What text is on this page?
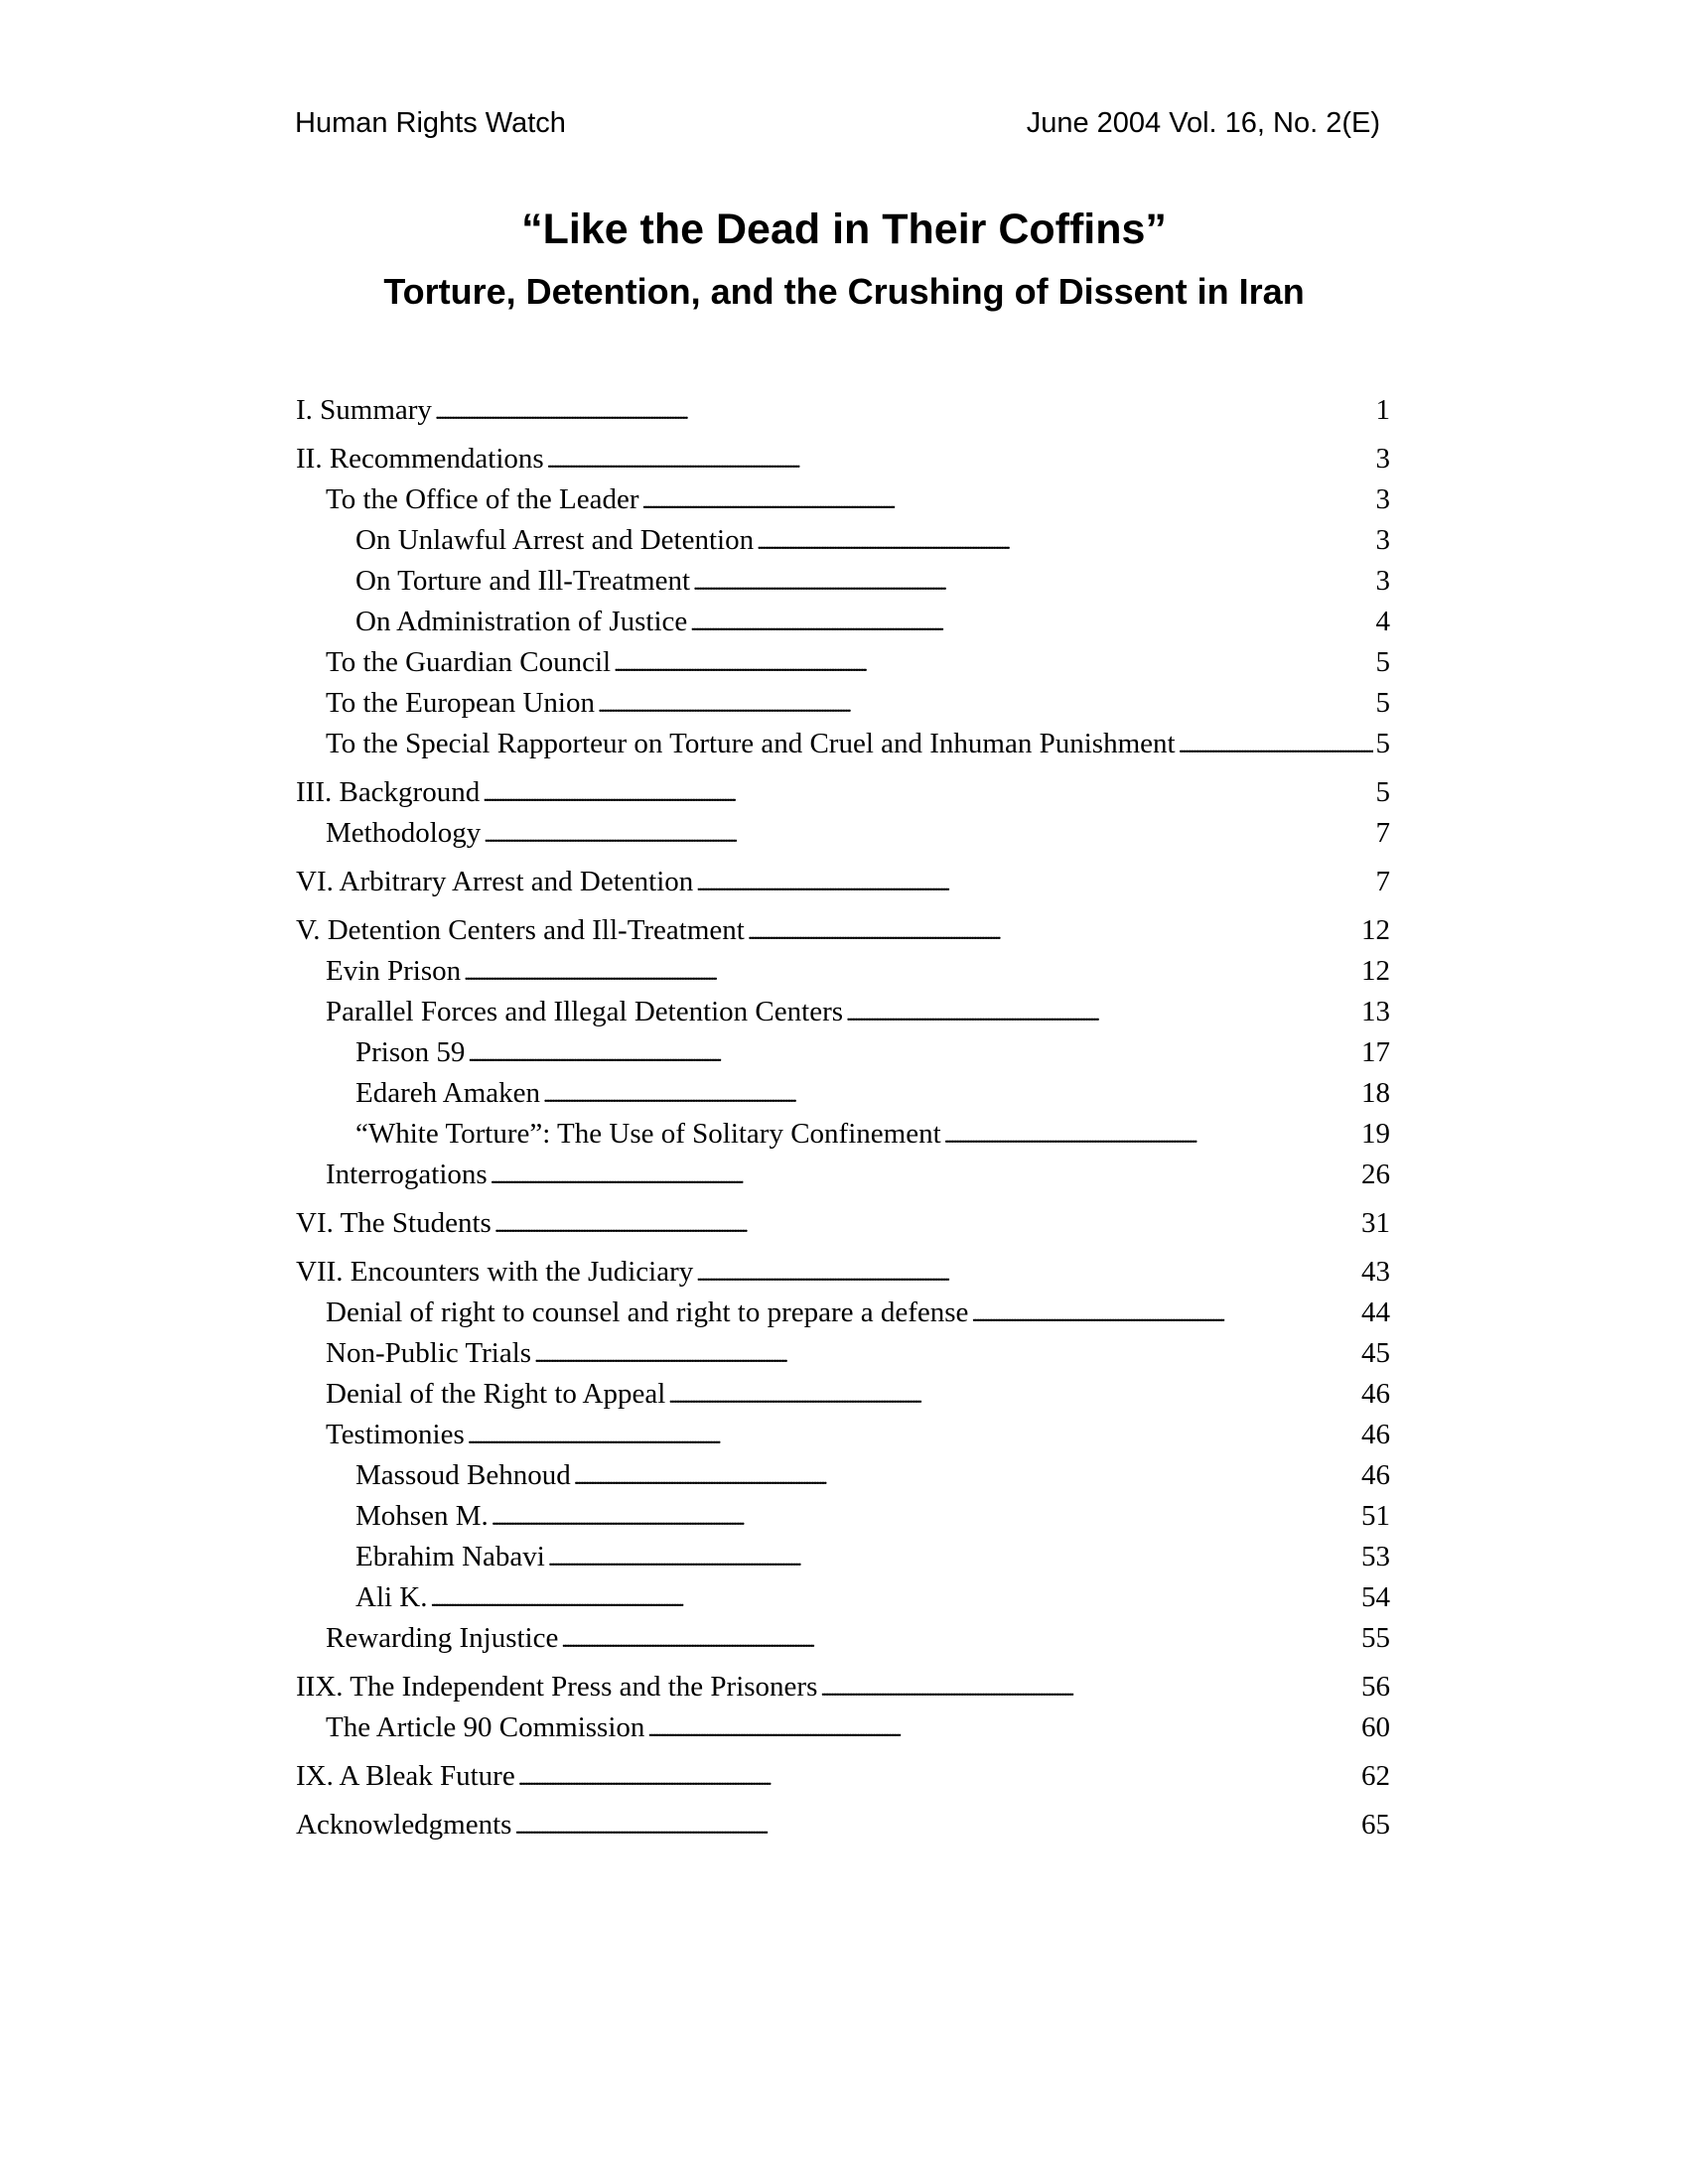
Human Rights Watch	June 2004 Vol. 16, No. 2(E)
“Like the Dead in Their Coffins”
Torture, Detention, and the Crushing of Dissent in Iran
I. Summary . . .	1
II. Recommendations . . .	3
To the Office of the Leader . . .	3
On Unlawful Arrest and Detention . . .	3
On Torture and Ill-Treatment . . .	3
On Administration of Justice . . .	4
To the Guardian Council . . .	5
To the European Union . . .	5
To the Special Rapporteur on Torture and Cruel and Inhuman Punishment . . .	5
III. Background . . .	5
Methodology . . .	7
VI. Arbitrary Arrest and Detention . . .	7
V. Detention Centers and Ill-Treatment . . .	12
Evin Prison . . .	12
Parallel Forces and Illegal Detention Centers . . .	13
Prison 59 . . .	17
Edareh Amaken . . .	18
“White Torture”: The Use of Solitary Confinement . . .	19
Interrogations . . .	26
VI. The Students . . .	31
VII. Encounters with the Judiciary . . .	43
Denial of right to counsel and right to prepare a defense . . .	44
Non-Public Trials . . .	45
Denial of the Right to Appeal . . .	46
Testimonies . . .	46
Massoud Behnoud . . .	46
Mohsen M. . . .	51
Ebrahim Nabavi . . .	53
Ali K. . . .	54
Rewarding Injustice . . .	55
IIX. The Independent Press and the Prisoners . . .	56
The Article 90 Commission . . .	60
IX. A Bleak Future . . .	62
Acknowledgments . . .	65
